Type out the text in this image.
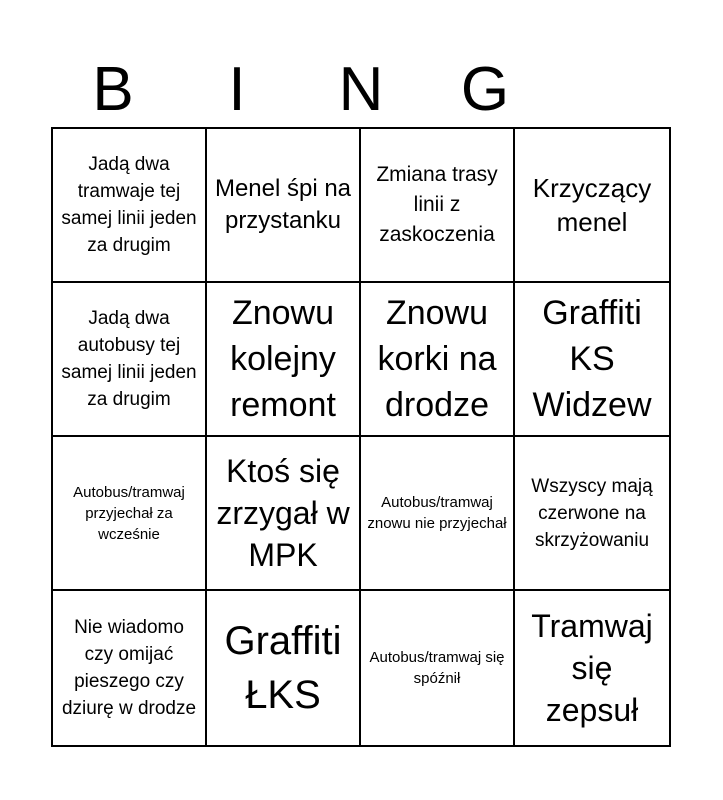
B	I	N	G
Jadą dwa tramwaje tej samej linii jeden za drugim
Menel śpi na przystanku
Zmiana trasy linii z zaskoczenia
Krzyczący menel
Jadą dwa autobusy tej samej linii jeden za drugim
Znowu kolejny remont
Znowu korki na drodze
Graffiti KS Widzew
Autobus/tramwaj przyjechał za wcześnie
Ktoś się zrzygał w MPK
Autobus/tramwaj znowu nie przyjechał
Wszyscy mają czerwone na skrzyżowaniu
Nie wiadomo czy omijać pieszego czy dziurę w drodze
Graffiti ŁKS
Autobus/tramwaj się spóźnił
Tramwaj się zepsuł
